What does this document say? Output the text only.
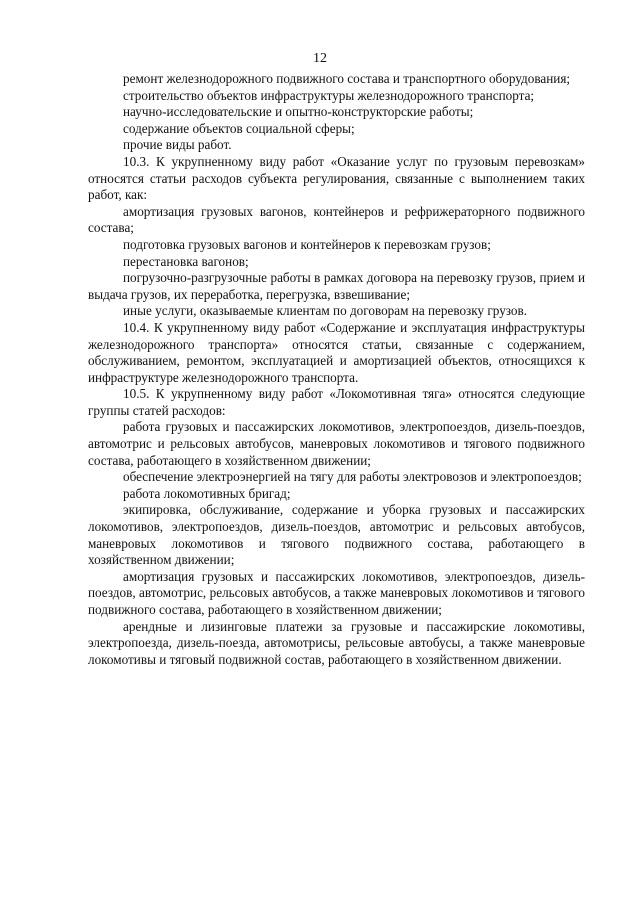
12

ремонт железнодорожного подвижного состава и транспортного оборудования;

строительство объектов инфраструктуры железнодорожного транспорта;

научно-исследовательские и опытно-конструкторские работы;

содержание объектов социальной сферы;

прочие виды работ.

10.3. К укрупненному виду работ «Оказание услуг по грузовым перевозкам» относятся статьи расходов субъекта регулирования, связанные с выполнением таких работ, как:

амортизация грузовых вагонов, контейнеров и рефрижераторного подвижного состава;

подготовка грузовых вагонов и контейнеров к перевозкам грузов;

перестановка вагонов;

погрузочно-разгрузочные работы в рамках договора на перевозку грузов, прием и выдача грузов, их переработка, перегрузка, взвешивание;

иные услуги, оказываемые клиентам по договорам на перевозку грузов.

10.4. К укрупненному виду работ «Содержание и эксплуатация инфраструктуры железнодорожного транспорта» относятся статьи, связанные с содержанием, обслуживанием, ремонтом, эксплуатацией и амортизацией объектов, относящихся к инфраструктуре железнодорожного транспорта.

10.5. К укрупненному виду работ «Локомотивная тяга» относятся следующие группы статей расходов:

работа грузовых и пассажирских локомотивов, электропоездов, дизель-поездов, автомотрис и рельсовых автобусов, маневровых локомотивов и тягового подвижного состава, работающего в хозяйственном движении;

обеспечение электроэнергией на тягу для работы электровозов и электропоездов;

работа локомотивных бригад;

экипировка, обслуживание, содержание и уборка грузовых и пассажирских локомотивов, электропоездов, дизель-поездов, автомотрис и рельсовых автобусов, маневровых локомотивов и тягового подвижного состава, работающего в хозяйственном движении;

амортизация грузовых и пассажирских локомотивов, электропоездов, дизель-поездов, автомотрис, рельсовых автобусов, а также маневровых локомотивов и тягового подвижного состава, работающего в хозяйственном движении;

арендные и лизинговые платежи за грузовые и пассажирские локомотивы, электропоезда, дизель-поезда, автомотрисы, рельсовые автобусы, а также маневровые локомотивы и тяговый подвижной состав, работающего в хозяйственном движении.
